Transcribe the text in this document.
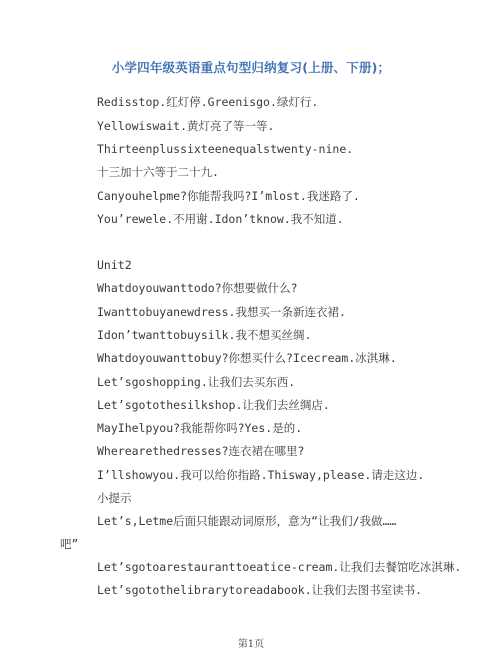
小学四年级英语重点句型归纳复习(上册、下册)；
Redisstop.红灯停.Greenisgo.绿灯行.
Yellowiswait.黄灯亮了等一等.
Thirteenplussixteenequalstwenty-nine.
十三加十六等于二十九.
Canyouhelpme?你能帮我吗?I’mlost.我迷路了.
You’rewele.不用谢.Idon’tknow.我不知道.
Unit2
Whatdoyouwanttodo?你想要做什么?
Iwanttobuyanewdress.我想买一条新连衣裙.
Idon’twanttobuysilk.我不想买丝绸.
Whatdoyouwanttobuy?你想买什么?Icecream.冰淇琳.
Let’sgoshopping.让我们去买东西.
Let’sgotothesilkshop.让我们去丝绸店.
MayIhelpyou?我能帮你吗?Yes.是的.
Wherearethedresses?连衣裙在哪里?
I’llshowyou.我可以给你指路.Thisway,please.请走这边.
小提示
Let’s,Letme后面只能跟动词原形，意为“让我们/我做……
吧”
Let’sgotoarestauranttoeatice-cream.让我们去餐馆吃冰淇琳.
Let’sgotothelibrarytoreadabook.让我们去图书室读书.
第1页
